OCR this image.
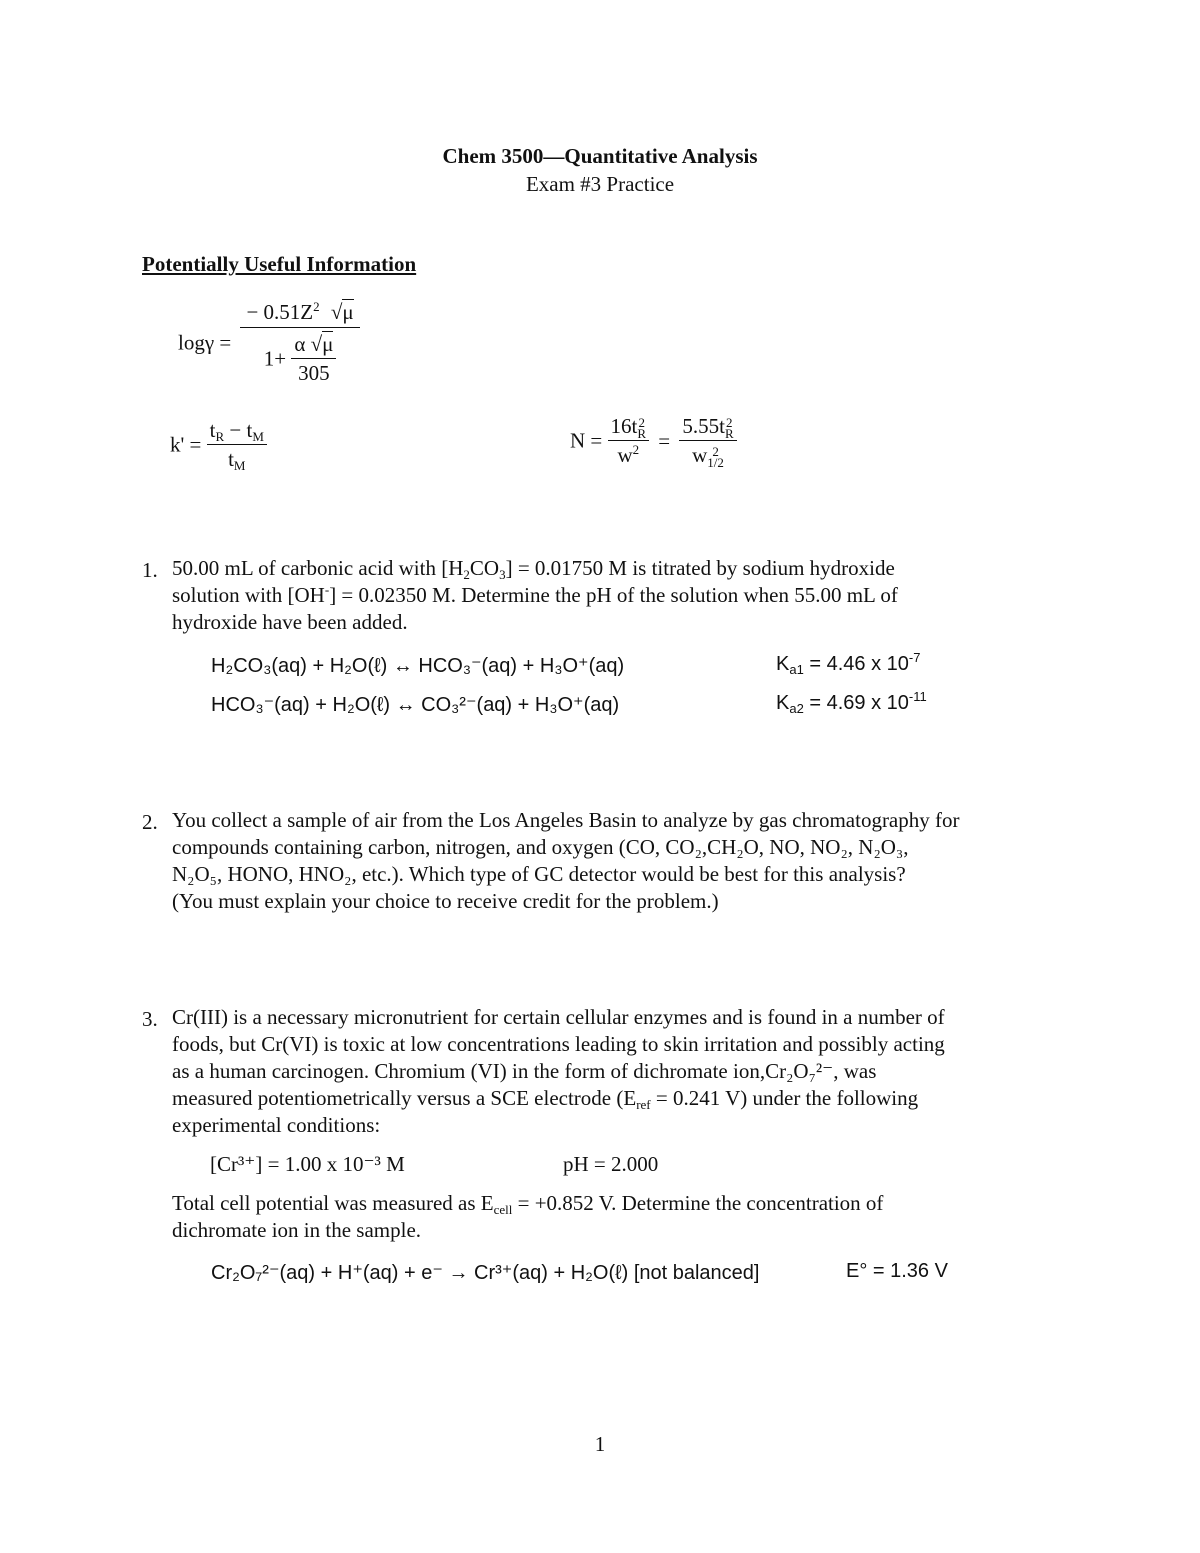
Chem 3500—Quantitative Analysis
Exam #3 Practice
Potentially Useful Information
logγ =
− $0.51Z^2$ √μ
$1+ \frac{\alpha √\mu}{305}$
$k' = \frac{t_R - t_M}{t_M}$	N = 16t 2
R
$w^2 = 5.55t$ 2
R
w 2
1/2
1. 50.00 mL of carbonic acid with $[H_2CO_3] = 0.01750$ M is titrated by sodium hydroxide
solution with [OH-] = 0.02350 M. Determine the pH of the solution when 55.00 mL of
hydroxide have been added.
H₂CO₃(aq) + H₂O(ℓ) ↔ HCO₃⁻(aq) + H₃O⁺(aq)	$K_{a1} = 4.46$ x $10^{-7}$
HCO₃⁻(aq) + H₂O(ℓ) ↔ CO₃²⁻(aq) + H₃O⁺(aq)	$K_{a2} = 4.69$ x $10^{-11}$
2. You collect a sample of air from the Los Angeles Basin to analyze by gas chromatography for
compounds containing carbon, nitrogen, and oxygen (CO, CO₂,CH₂O, NO, NO₂, N₂O₃,
N₂O₅, HONO, HNO₂, etc.). Which type of GC detector would be best for this analysis?
(You must explain your choice to receive credit for the problem.)
3. Cr(III) is a necessary micronutrient for certain cellular enzymes and is found in a number of
foods, but Cr(VI) is toxic at low concentrations leading to skin irritation and possibly acting
as a human carcinogen. Chromium (VI) in the form of dichromate ion,Cr₂O₇²⁻, was
measured potentiometrically versus a SCE electrode ($E_{ref} = 0.241$ V) under the following
experimental conditions:
[Cr³⁺] = 1.00 x 10⁻³ M	pH = 2.000
Total cell potential was measured as $E_{cell} = +0.852$ V. Determine the concentration of
dichromate ion in the sample.
Cr₂O₇²⁻(aq) + H⁺(aq) + e⁻ → Cr³⁺(aq) + H₂O(ℓ) [not balanced]	E° = 1.36 V
1
